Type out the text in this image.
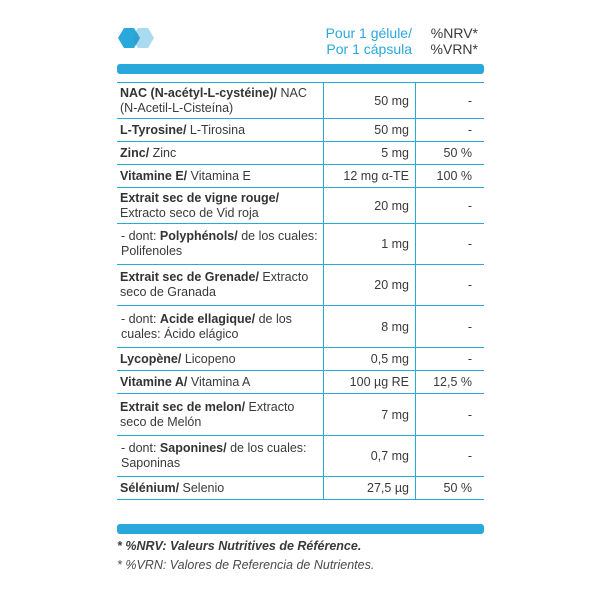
Pour 1 gélule/
Por 1 cápsula
%NRV*
%VRN*
NAC (N-acétyl-L-cystéine)/ NAC (N-Acetil-L-Cisteína)	50 mg	-
L-Tyrosine/ L-Tirosina	50 mg	-
Zinc/ Zinc	5 mg	50 %
Vitamine E/ Vitamina E	12 mg α-TE	100 %
Extrait sec de vigne rouge/ Extracto seco de Vid roja	20 mg	-
- dont: Polyphénols/ de los cuales: Polifenoles	1 mg	-
Extrait sec de Grenade/ Extracto seco de Granada	20 mg	-
- dont: Acide ellagique/ de los cuales: Ácido elágico	8 mg	-
Lycopène/ Licopeno	0,5 mg	-
Vitamine A/ Vitamina A	100 µg RE	12,5 %
Extrait sec de melon/ Extracto seco de Melón	7 mg	-
- dont: Saponines/ de los cuales: Saponinas	0,7 mg	-
Sélénium/ Selenio	27,5 µg	50 %
* %NRV: Valeurs Nutritives de Référence.
* %VRN: Valores de Referencia de Nutrientes.
